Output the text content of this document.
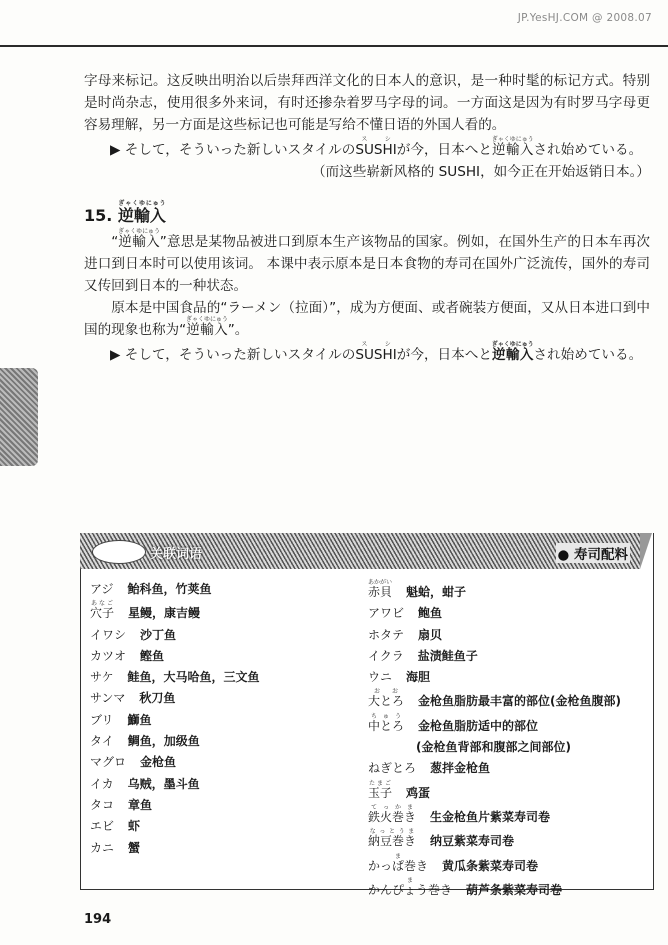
JP.YesHJ.COM @ 2008.07
字母来标记。这反映出明治以后崇拜西洋文化的日本人的意识，是一种时髦的标记方式。特别是时尚杂志，使用很多外来词，有时还掺杂着罗马字母的词。一方面这是因为有时罗马字母更容易理解，另一方面是这些标记也可能是写给不懂日语的外国人看的。
▶ そして，そういった新しいスタイルのSUSHIスシが今，日本へと逆輸入ぎゃくゆにゅうされ始めている。
（而这些崭新风格的 SUSHI，如今正在开始返销日本。）
15. 逆輸入ぎゃくゆにゅう
“逆輸入ぎゃくゆにゅう”意思是某物品被进口到原本生产该物品的国家。例如，在国外生产的日本车再次进口到日本时可以使用该词。 本课中表示原本是日本食物的寿司在国外广泛流传，国外的寿司又传回到日本的一种状态。
原本是中国食品的“ラーメン（拉面）”，成为方便面、或者碗装方便面，又从日本进口到中国的现象也称为“逆輸入ぎゃくゆにゅう”。
▶ そして，そういった新しいスタイルのSUSHIスシが今，日本へと逆輸入ぎゃくゆにゅうされ始めている。
关联词语	● 寿司配料
アジ 鲐科鱼，竹荚鱼
穴子あなご星鳗，康吉鳗
イワシ 沙丁鱼
カツオ 鲣鱼
サケ 鲑鱼，大马哈鱼，三文鱼
サンマ 秋刀鱼
ブリ 鰤鱼
タイ 鲷鱼，加级鱼
マグロ 金枪鱼
イカ 乌贼，墨斗鱼
タコ 章鱼
エビ 虾
カニ 蟹
赤貝あかがい魁蛤，蚶子
アワビ 鲍鱼
ホタテ 扇贝
イクラ 盐渍鲑鱼子
ウニ 海胆
大とろおお金枪鱼脂肪最丰富的部位(金枪鱼腹部)
中とろちゅう金枪鱼脂肪适中的部位
(金枪鱼背部和腹部之间部位)
ねぎとろ 葱拌金枪鱼
玉子たまご鸡蛋
鉄火巻きてっかま生金枪鱼片紫菜寿司卷
納豆巻きなっとうま纳豆紫菜寿司卷
かっぱ巻きま黄瓜条紫菜寿司卷
かんぴょう巻きま葫芦条紫菜寿司卷
194
